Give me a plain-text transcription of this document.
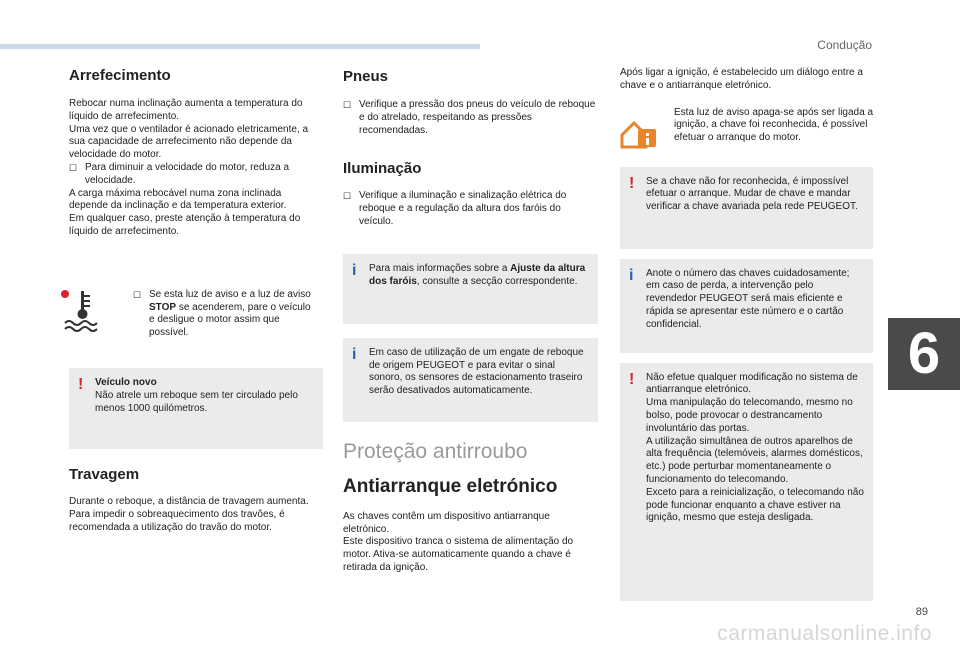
Condução
6
89
carmanualsonline.info
Arrefecimento

Rebocar numa inclinação aumenta a temperatura do líquido de arrefecimento.

Uma vez que o ventilador é acionado eletricamente, a sua capacidade de arrefecimento não depende da velocidade do motor.

☐ Para diminuir a velocidade do motor, reduza a velocidade.

A carga máxima rebocável numa zona inclinada depende da inclinação e da temperatura exterior.

Em qualquer caso, preste atenção à temperatura do líquido de arrefecimento.

☐ Se esta luz de aviso e a luz de aviso STOP se acenderem, pare o veículo e desligue o motor assim que possível.
! Veículo novo

Não atrele um reboque sem ter circulado pelo menos 1000 quilómetros.

Travagem

Durante o reboque, a distância de travagem aumenta.

Para impedir o sobreaquecimento dos travões, é recomendada a utilização do travão do motor.

Pneus
☐ Verifique a pressão dos pneus do veículo de reboque e do atrelado, respeitando as pressões recomendadas.
Iluminação
☐ Verifique a iluminação e sinalização elétrica do reboque e a regulação da altura dos faróis do veículo.
i Para mais informações sobre a Ajuste da altura dos faróis, consulte a secção correspondente.

i Em caso de utilização de um engate de reboque de origem PEUGEOT e para evitar o sinal sonoro, os sensores de estacionamento traseiro serão desativados automaticamente.

Proteção antirroubo
Antiarranque eletrónico

As chaves contêm um dispositivo antiarranque eletrónico.

Este dispositivo tranca o sistema de alimentação do motor. Ativa-se automaticamente quando a chave é retirada da ignição.

Após ligar a ignição, é estabelecido um diálogo entre a chave e o antiarranque eletrónico.

Esta luz de aviso apaga-se após ser ligada a ignição, a chave foi reconhecida, é possível efetuar o arranque do motor.

! Se a chave não for reconhecida, é impossível efetuar o arranque. Mudar de chave e mandar verificar a chave avariada pela rede PEUGEOT.

i Anote o número das chaves cuidadosamente; em caso de perda, a intervenção pelo revendedor PEUGEOT será mais eficiente e rápida se apresentar este número e o cartão confidencial.

! Não efetue qualquer modificação no sistema de antiarranque eletrónico.

Uma manipulação do telecomando, mesmo no bolso, pode provocar o destrancamento involuntário das portas.

A utilização simultânea de outros aparelhos de alta frequência (telemóveis, alarmes domésticos, etc.) pode perturbar momentaneamente o funcionamento do telecomando.

Exceto para a reinicialização, o telecomando não pode funcionar enquanto a chave estiver na ignição, mesmo que esteja desligada.
